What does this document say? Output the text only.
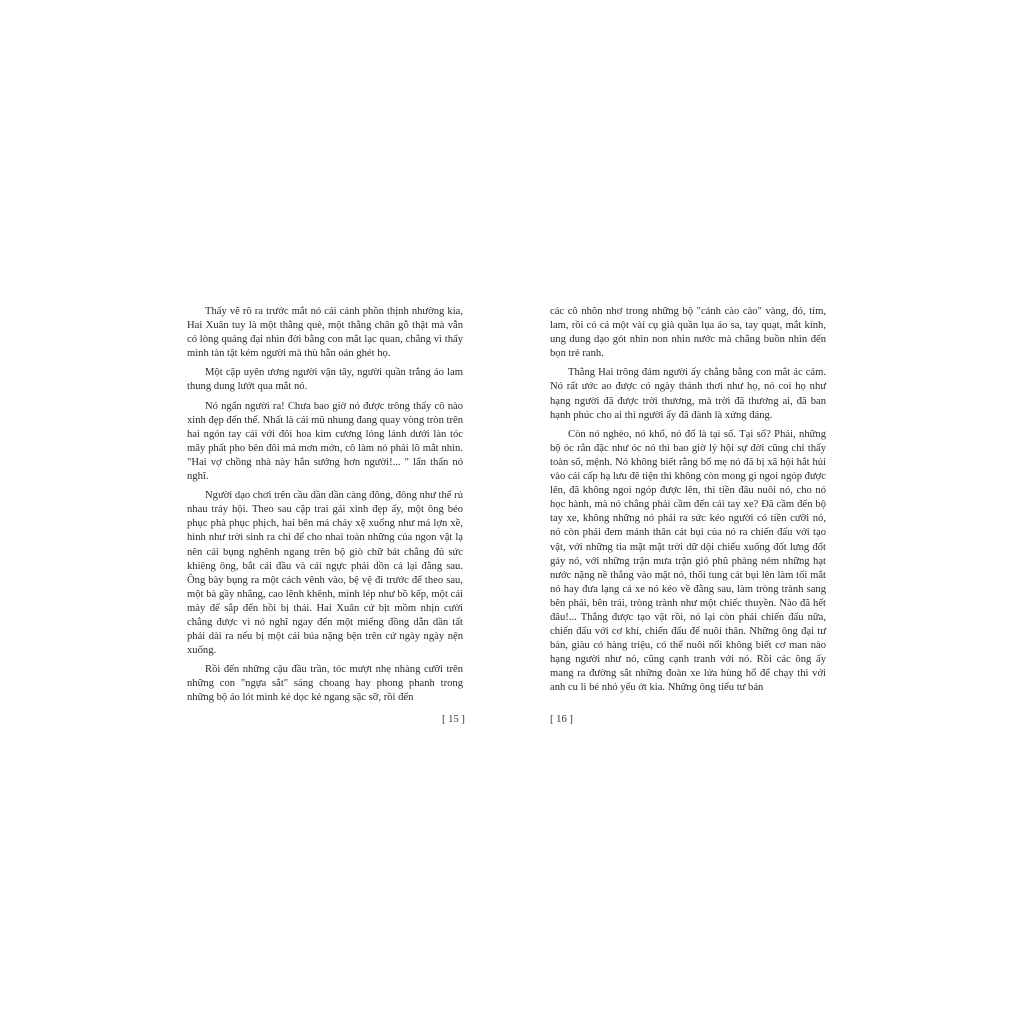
Thấy vẽ rõ ra trước mắt nó cái cảnh phồn thịnh nhường kia, Hai Xuân tuy là một thằng què, một thằng chân gỗ thật mà vẫn có lòng quảng đại nhìn đời bằng con mắt lạc quan, chẳng vì thấy mình tàn tật kém người mà thù hằn oán ghét họ.

Một cặp uyên ương người vận tây, người quần trắng áo lam thung dung lướt qua mắt nó.

Nó ngẩn người ra! Chưa bao giờ nó được trông thấy cô nào xinh đẹp đến thế. Nhất là cái mũ nhung đang quay vòng tròn trên hai ngón tay cái với đôi hoa kim cương lóng lánh dưới làn tóc mây phất pho bên đôi má mơn mởn, cô làm nó phải lõ mắt nhìn. "Hai vợ chồng nhà này hẳn sướng hơn người!... " lẩn thẩn nó nghĩ.

Người dạo chơi trên cầu dần dần càng đông, đông như thể rủ nhau trảy hội. Theo sau cặp trai gái xinh đẹp ấy, một ông béo phục phà phục phịch, hai bên má chảy xệ xuống như má lợn xề, hình như trời sinh ra chỉ để cho nhai toàn những của ngon vật lạ nên cái bụng nghênh ngang trên bộ giò chữ bát chẳng đủ sức khiêng ông, bắt cái đầu và cái ngực phải dồn cả lại đằng sau. Ông bày bụng ra một cách vênh vào, bệ vệ đi trước để theo sau, một bà gầy nhẳng, cao lênh khênh, mình lép như bồ kếp, một cái mày để sắp đến hồi bị thải. Hai Xuân cứ bịt mồm nhịn cười chẳng được vì nó nghĩ ngay đến một miếng đồng dẫn dần tất phải dài ra nếu bị một cái búa nặng bện trên cứ ngày ngày nện xuống.

Rồi đến những cậu đầu trần, tóc mượt nhẹ nhàng cưỡi trên những con "ngựa sắt" sáng choang hay phong phanh trong những bộ áo lót mình kẻ dọc kẻ ngang sặc sỡ, rồi đến

[ 15 ]

các cô nhõn nhơ trong những bộ "cánh cào cào" vàng, đỏ, tím, lam, rồi có cả một vài cụ già quần lụa áo sa, tay quạt, mắt kính, ung dung dạo gót nhìn non nhìn nước mà chẳng buồn nhìn đến bọn trẻ ranh.

Thằng Hai trông đám người ấy chẳng bằng con mắt ác cảm. Nó rất ước ao được có ngày thảnh thơi như họ, nó coi họ như hạng người đã được trời thương, mà trời đã thương ai, đã ban hạnh phúc cho ai thì người ấy đã đành là xứng đáng.

Còn nó nghèo, nó khổ, nó đổ là tại số. Tại số? Phải, những bộ óc rắn đặc như óc nó thì bao giờ lý hội sự đời cũng chỉ thấy toàn số, mệnh. Nó không biết rằng bố mẹ nó đã bị xã hội hắt hủi vào cái cấp hạ lưu đê tiện thì không còn mong gì ngoi ngóp được lên, đã không ngoi ngóp được lên, thì tiền đâu nuôi nó, cho nó học hành, mà nó chẳng phải cầm đến cái tay xe? Đã cầm đến bộ tay xe, không những nó phải ra sức kéo người có tiền cưỡi nó, nó còn phải đem mảnh thân cát bụi của nó ra chiến đấu với tạo vật, với những tia mặt mặt trời dữ dội chiếu xuống đốt lưng đốt gáy nó, với những trận mưa trận gió phũ phàng ném những hạt nước nặng nề thẳng vào mặt nó, thổi tung cát bụi lên làm tối mắt nó hay đưa lạng cả xe nó kéo về đằng sau, làm tròng trành sang bên phải, bên trái, tròng trành như một chiếc thuyền. Nào đã hết đâu!... Thắng được tạo vật rồi, nó lại còn phải chiến đấu nữa, chiến đấu với cơ khí, chiến đấu để nuôi thân. Những ông đại tư bản, giàu có hàng triệu, có thể nuôi nổi không biết cơ man nào hạng người như nó, cũng cạnh tranh với nó. Rồi các ông ấy mang ra đường sắt những đoàn xe lửa hùng hổ để chạy thi với anh cu li bé nhỏ yếu ớt kia. Những ông tiểu tư bản

[ 16 ]
